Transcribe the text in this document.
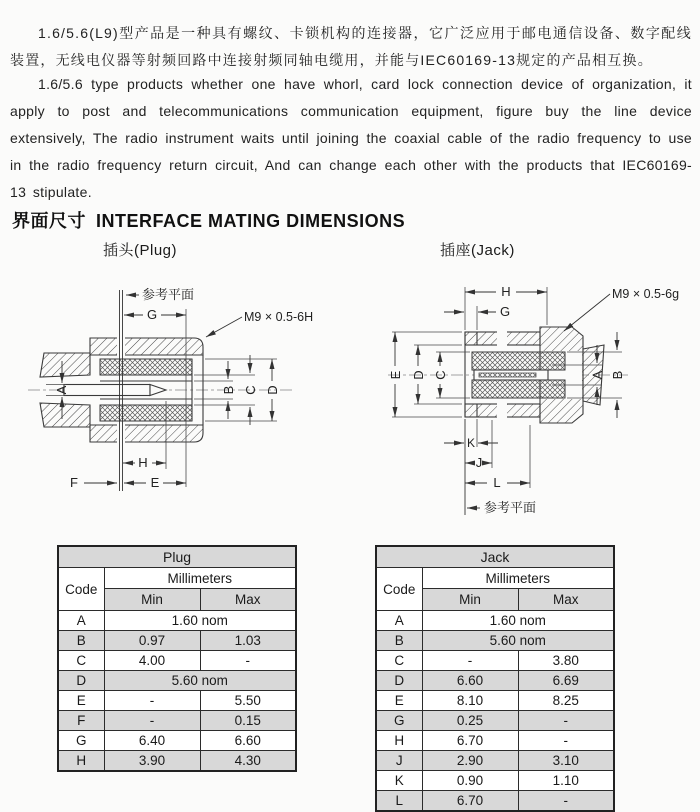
1.6/5.6(L9)型产品是一种具有螺纹、卡锁机构的连接器，它广泛应用于邮电通信设备、数字配线装置，无线电仪器等射频回路中连接射频同轴电缆用，并能与IEC60169-13规定的产品相互换。

1.6/5.6 type products whether one have whorl, card lock connection device of organization, it apply to post and telecommunications communication equipment, figure buy the line device extensively, The radio instrument waits until joining the coaxial cable of the radio frequency to use in the radio frequency return circuit, And can change each other with the products that IEC60169-13 stipulate.

界面尺寸 INTERFACE MATING DIMENSIONS
插头(Plug)	插座(Jack)
参考平面
M9 × 0.5-6H
G
A	B C D
H
F	E
M9 × 0.5-6g
H
G
E D C	A B
K
J
L
参考平面
Plug		
Code	Millimeters	
	Min	Max
A	1.60 nom	
B	0.97	1.03
C	4.00	-
D	5.60 nom	
E	-	5.50
F	-	0.15
G	6.40	6.60
H	3.90	4.30
Jack		
Code	Millimeters	
	Min	Max
A	1.60 nom	
B	5.60 nom	
C	-	3.80
D	6.60	6.69
E	8.10	8.25
G	0.25	-
H	6.70	-
J	2.90	3.10
K	0.90	1.10
L	6.70	-
